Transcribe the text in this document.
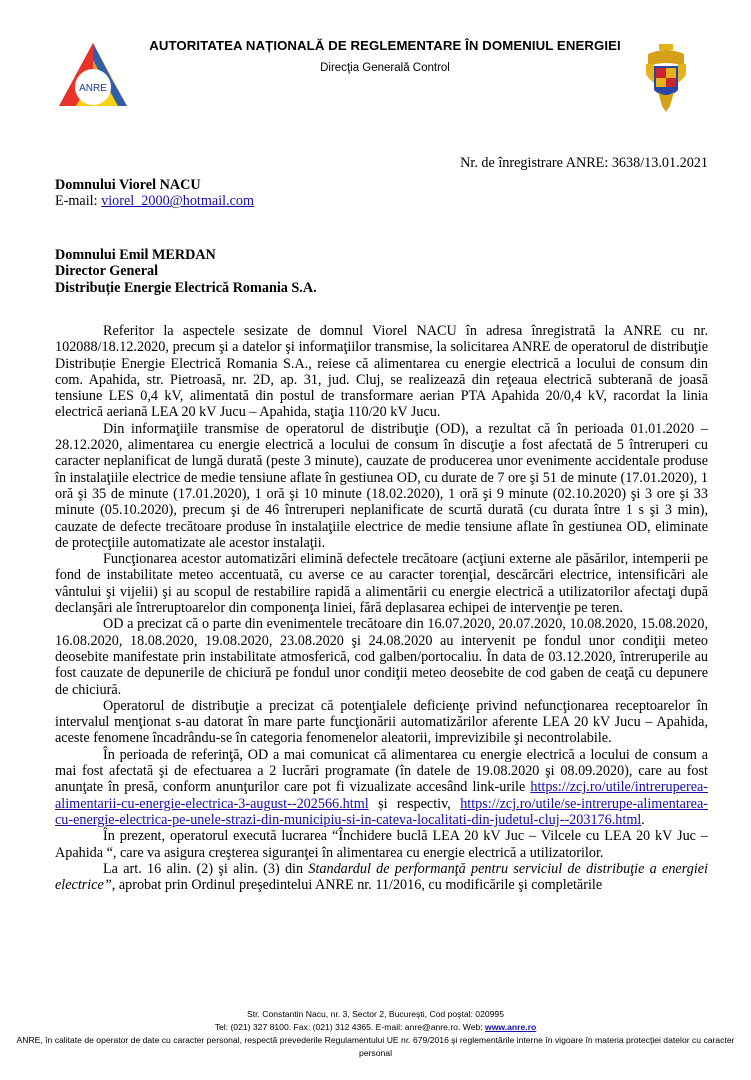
ANRE
AUTORITATEA NAȚIONALĂ DE REGLEMENTARE ÎN DOMENIUL ENERGIEI
Direcţia Generală Control
Nr. de înregistrare ANRE: 3638/13.01.2021
Domnului Viorel NACU
E-mail: viorel_2000@hotmail.com
Domnului Emil MERDAN
Director General
Distribuție Energie Electrică Romania S.A.

Referitor la aspectele sesizate de domnul Viorel NACU în adresa înregistrată la ANRE cu nr. 102088/18.12.2020, precum şi a datelor şi informaţiilor transmise, la solicitarea ANRE de operatorul de distribuţie Distribuție Energie Electrică Romania S.A., reiese că alimentarea cu energie electrică a locului de consum din com. Apahida, str. Pietroasă, nr. 2D, ap. 31, jud. Cluj, se realizează din reţeaua electrică subterană de joasă tensiune LES 0,4 kV, alimentată din postul de transformare aerian PTA Apahida 20/0,4 kV, racordat la linia electrică aeriană LEA 20 kV Jucu – Apahida, staţia 110/20 kV Jucu.

Din informaţiile transmise de operatorul de distribuţie (OD), a rezultat că în perioada 01.01.2020 – 28.12.2020, alimentarea cu energie electrică a locului de consum în discuţie a fost afectată de 5 întreruperi cu caracter neplanificat de lungă durată (peste 3 minute), cauzate de producerea unor evenimente accidentale produse în instalaţiile electrice de medie tensiune aflate în gestiunea OD, cu durate de 7 ore şi 51 de minute (17.01.2020), 1 oră şi 35 de minute (17.01.2020), 1 oră şi 10 minute (18.02.2020), 1 oră şi 9 minute (02.10.2020) şi 3 ore şi 33 minute (05.10.2020), precum şi de 46 întreruperi neplanificate de scurtă durată (cu durata între 1 s şi 3 min), cauzate de defecte trecătoare produse în instalaţiile electrice de medie tensiune aflate în gestiunea OD, eliminate de protecţiile automatizate ale acestor instalaţii.

Funcţionarea acestor automatizări elimină defectele trecătoare (acţiuni externe ale păsărilor, intemperii pe fond de instabilitate meteo accentuată, cu averse ce au caracter torenţial, descărcări electrice, intensificări ale vântului şi vijelii) şi au scopul de restabilire rapidă a alimentării cu energie electrică a utilizatorilor afectaţi după declanşări ale întreruptoarelor din componenţa liniei, fără deplasarea echipei de intervenţie pe teren.

OD a precizat că o parte din evenimentele trecătoare din 16.07.2020, 20.07.2020, 10.08.2020, 15.08.2020, 16.08.2020, 18.08.2020, 19.08.2020, 23.08.2020 şi 24.08.2020 au intervenit pe fondul unor condiţii meteo deosebite manifestate prin instabilitate atmosferică, cod galben/portocaliu. În data de 03.12.2020, întreruperile au fost cauzate de depunerile de chiciură pe fondul unor condiţii meteo deosebite de cod gaben de ceaţă cu depunere de chiciură.

Operatorul de distribuţie a precizat că potenţialele deficienţe privind nefuncţionarea receptoarelor în intervalul menţionat s-au datorat în mare parte funcţionării automatizărilor aferente LEA 20 kV Jucu – Apahida, aceste fenomene încadrându-se în categoria fenomenelor aleatorii, imprevizibile şi necontrolabile.

În perioada de referinţă, OD a mai comunicat că alimentarea cu energie electrică a locului de consum a mai fost afectată şi de efectuarea a 2 lucrări programate (în datele de 19.08.2020 şi 08.09.2020), care au fost anunţate în presă, conform anunţurilor care pot fi vizualizate accesând link-urile https://zcj.ro/utile/intreruperea-alimentarii-cu-energie-electrica-3-august--202566.html și respectiv, https://zcj.ro/utile/se-intrerupe-alimentarea-cu-energie-electrica-pe-unele-strazi-din-municipiu-si-in-cateva-localitati-din-judetul-cluj--203176.html.

În prezent, operatorul execută lucrarea “Închidere buclă LEA 20 kV Juc – Vilcele cu LEA 20 kV Juc – Apahida “, care va asigura creşterea siguranţei în alimentarea cu energie electrică a utilizatorilor.

La art. 16 alin. (2) şi alin. (3) din Standardul de performanţă pentru serviciul de distribuţie a energiei electrice”, aprobat prin Ordinul preşedintelui ANRE nr. 11/2016, cu modificările şi completările

Str. Constantin Nacu, nr. 3, Sector 2, Bucureşti, Cod poştal: 020995
Tel: (021) 327 8100. Fax: (021) 312 4365. E-mail: anre@anre.ro. Web: www.anre.ro
ANRE, în calitate de operator de date cu caracter personal, respectă prevederile Regulamentului UE nr. 679/2016 şi reglementările interne în vigoare în materia protecţiei datelor cu caracter personal
